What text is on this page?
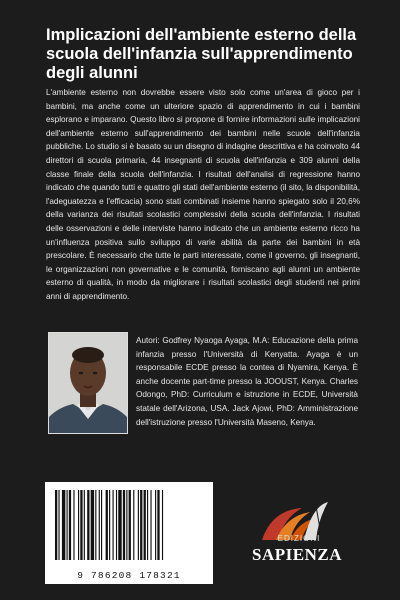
Implicazioni dell'ambiente esterno della scuola dell'infanzia sull'apprendimento degli alunni

L'ambiente esterno non dovrebbe essere visto solo come un'area di gioco per i bambini, ma anche come un ulteriore spazio di apprendimento in cui i bambini esplorano e imparano. Questo libro si propone di fornire informazioni sulle implicazioni dell'ambiente esterno sull'apprendimento dei bambini nelle scuole dell'infanzia pubbliche. Lo studio si è basato su un disegno di indagine descrittiva e ha coinvolto 44 direttori di scuola primaria, 44 insegnanti di scuola dell'infanzia e 309 alunni della classe finale della scuola dell'infanzia. I risultati dell'analisi di regressione hanno indicato che quando tutti e quattro gli stati dell'ambiente esterno (il sito, la disponibilità, l'adeguatezza e l'efficacia) sono stati combinati insieme hanno spiegato solo il 20,6% della varianza dei risultati scolastici complessivi della scuola dell'infanzia. I risultati delle osservazioni e delle interviste hanno indicato che un ambiente esterno ricco ha un'influenza positiva sullo sviluppo di varie abilità da parte dei bambini in età prescolare. È necessario che tutte le parti interessate, come il governo, gli insegnanti, le organizzazioni non governative e le comunità, forniscano agli alunni un ambiente esterno di qualità, in modo da migliorare i risultati scolastici degli studenti nei primi anni di apprendimento.

Autori: Godfrey Nyaoga Ayaga, M.A: Educazione della prima infanzia presso l'Università di Kenyatta. Ayaga è un responsabile ECDE presso la contea di Nyamira, Kenya. È anche docente part-time presso la JOOUST, Kenya. Charles Odongo, PhD: Curriculum e istruzione in ECDE, Università statale dell'Arizona, USA. Jack Ajowi, PhD: Amministrazione dell'istruzione presso l'Università Maseno, Kenya.

9 786208 178321
EDIZIONI
SAPIENZA
